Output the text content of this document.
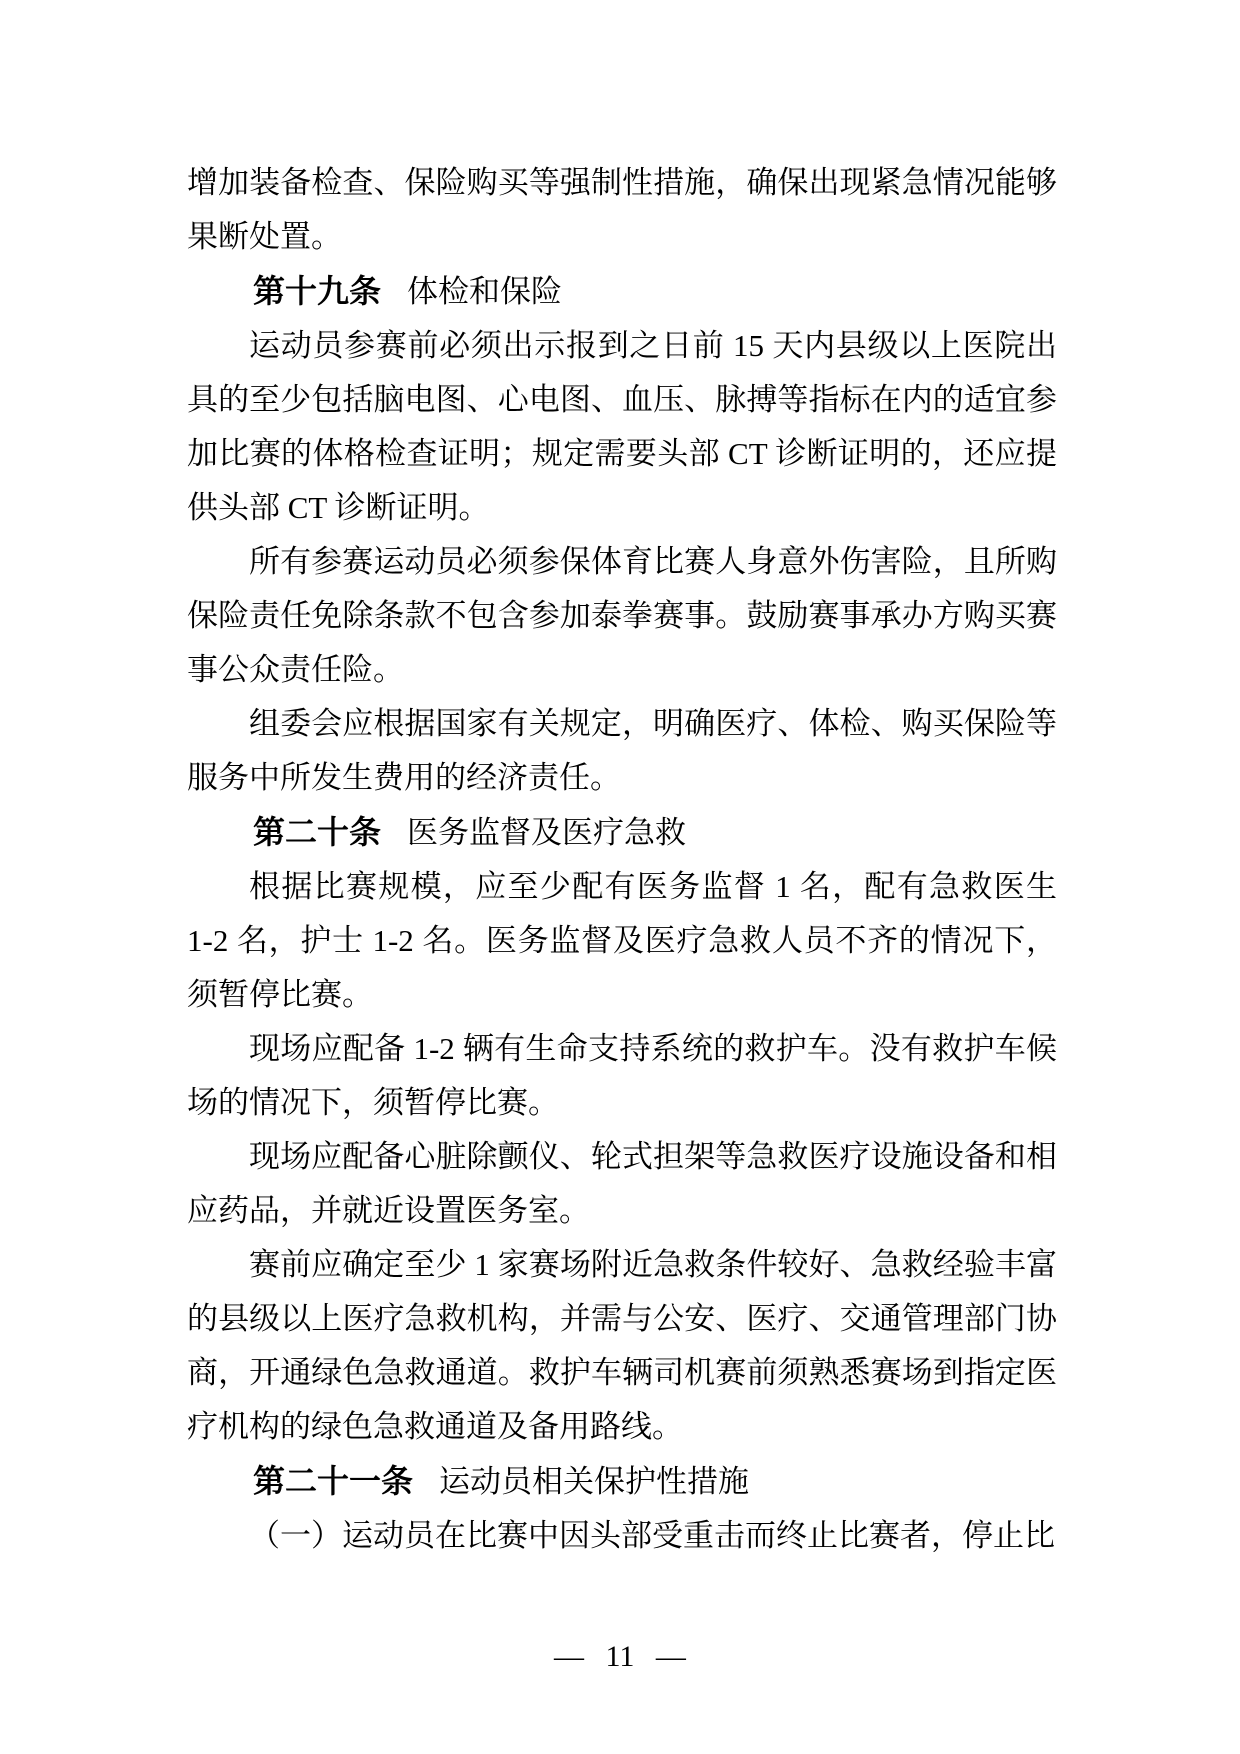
增加装备检查、保险购买等强制性措施，确保出现紧急情况能够果断处置。

第十九条 体检和保险

运动员参赛前必须出示报到之日前 15 天内县级以上医院出具的至少包括脑电图、心电图、血压、脉搏等指标在内的适宜参加比赛的体格检查证明；规定需要头部 CT 诊断证明的，还应提供头部 CT 诊断证明。

所有参赛运动员必须参保体育比赛人身意外伤害险，且所购保险责任免除条款不包含参加泰拳赛事。鼓励赛事承办方购买赛事公众责任险。

组委会应根据国家有关规定，明确医疗、体检、购买保险等服务中所发生费用的经济责任。

第二十条 医务监督及医疗急救

根据比赛规模，应至少配有医务监督 1 名，配有急救医生 1-2 名，护士 1-2 名。医务监督及医疗急救人员不齐的情况下，须暂停比赛。

现场应配备 1-2 辆有生命支持系统的救护车。没有救护车候场的情况下，须暂停比赛。

现场应配备心脏除颤仪、轮式担架等急救医疗设施设备和相应药品，并就近设置医务室。

赛前应确定至少 1 家赛场附近急救条件较好、急救经验丰富的县级以上医疗急救机构，并需与公安、医疗、交通管理部门协商，开通绿色急救通道。救护车辆司机赛前须熟悉赛场到指定医疗机构的绿色急救通道及备用路线。

第二十一条 运动员相关保护性措施

（一）运动员在比赛中因头部受重击而终止比赛者，停止比

— 11 —
